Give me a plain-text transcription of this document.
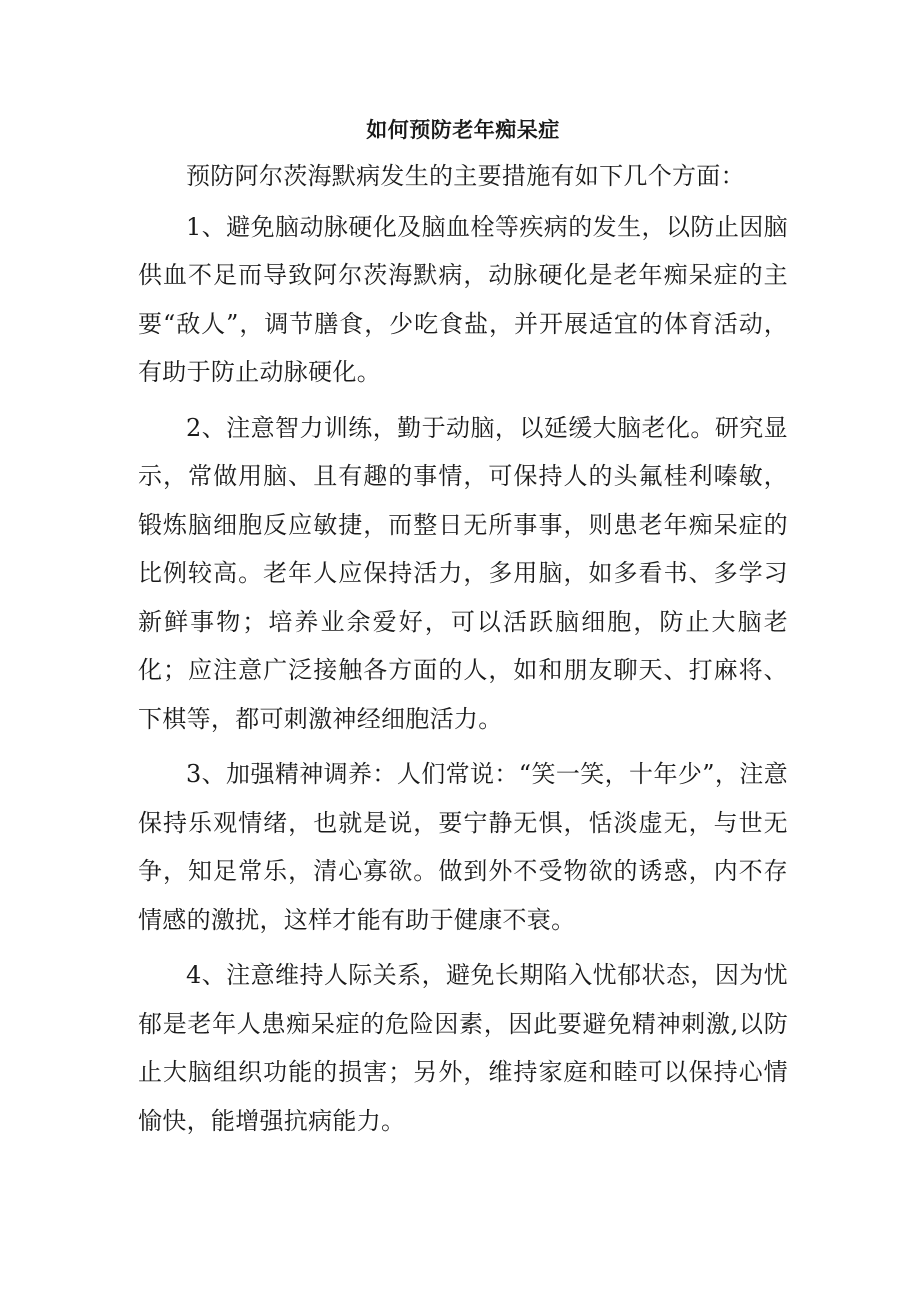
如何预防老年痴呆症

预防阿尔茨海默病发生的主要措施有如下几个方面：

1、避免脑动脉硬化及脑血栓等疾病的发生，以防止因脑供血不足而导致阿尔茨海默病，动脉硬化是老年痴呆症的主要“敌人”，调节膳食，少吃食盐，并开展适宜的体育活动，有助于防止动脉硬化。

2、注意智力训练，勤于动脑，以延缓大脑老化。研究显示，常做用脑、且有趣的事情，可保持人的头氟桂利嗪敏，锻炼脑细胞反应敏捷，而整日无所事事，则患老年痴呆症的比例较高。老年人应保持活力，多用脑，如多看书、多学习新鲜事物；培养业余爱好，可以活跃脑细胞，防止大脑老化；应注意广泛接触各方面的人，如和朋友聊天、打麻将、下棋等，都可刺激神经细胞活力。

3、加强精神调养：人们常说：“笑一笑，十年少”，注意保持乐观情绪，也就是说，要宁静无惧，恬淡虚无，与世无争，知足常乐，清心寡欲。做到外不受物欲的诱惑，内不存情感的激扰，这样才能有助于健康不衰。

4、注意维持人际关系，避免长期陷入忧郁状态，因为忧郁是老年人患痴呆症的危险因素，因此要避免精神刺激,以防止大脑组织功能的损害；另外，维持家庭和睦可以保持心情愉快，能增强抗病能力。
